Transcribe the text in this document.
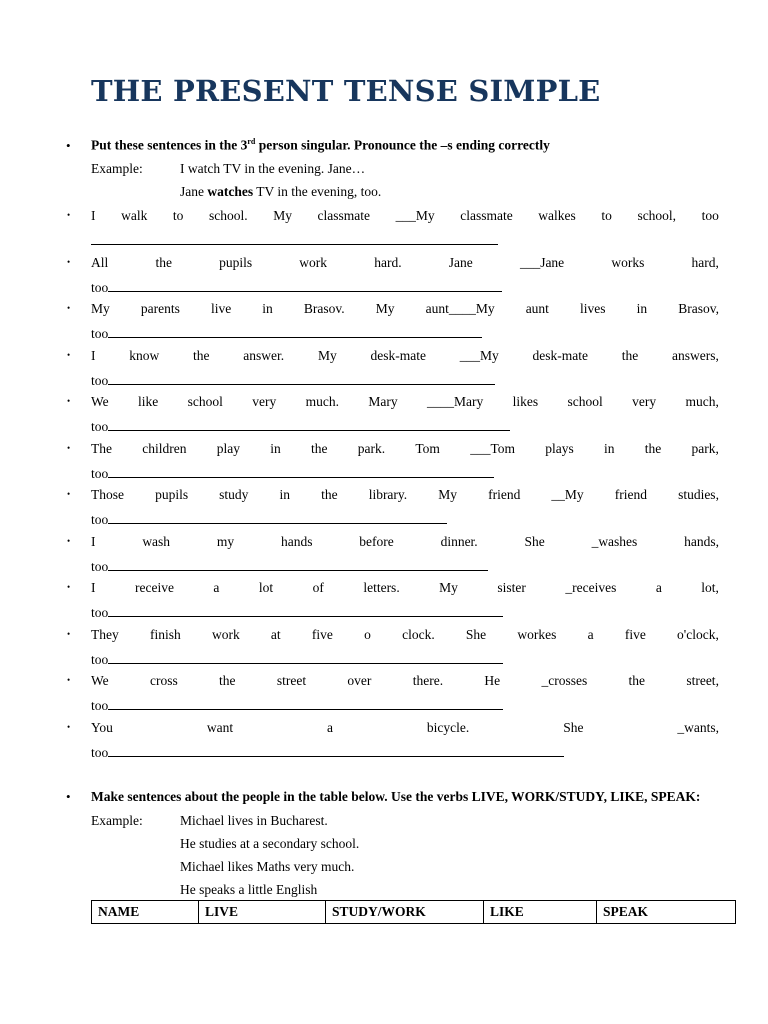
THE PRESENT TENSE SIMPLE
• Put these sentences in the 3rd person singular. Pronounce the –s ending correctly
Example:	I watch TV in the evening. Jane…
Jane watches TV in the evening, too.
• I walk to school. My classmate ___My classmate walkes to school, too
• All	the	pupils	work	hard.	Jane	___Jane	works	hard,
too
• My parents live in Brasov. My aunt____My aunt lives in Brasov,
too
• I	know	the	answer.	My	desk-mate	___My	desk-mate	the	answers,
too
• We like school very much. Mary ____Mary likes school very much,
too
• The children play in the park. Tom ___Tom plays in the park,
too
• Those pupils study in the library. My friend __My friend studies,
too
• I	wash	my	hands	before	dinner.	She	_washes	hands,
too
• I	receive	a	lot	of	letters.	My	sister	_receives	a	lot,
too
• They finish work at five o clock. She workes a five o'clock,
too
• We	cross	the	street	over	there.	He	_crosses	the	street,
too
• You	want	a	bicycle.	She	_wants,
too
• Make sentences about the people in the table below. Use the verbs LIVE, WORK/STUDY, LIKE, SPEAK:
Example:	Michael lives in Bucharest.
He studies at a secondary school.
Michael likes Maths very much.
He speaks a little English
NAME	LIVE	STUDY/WORK	LIKE	SPEAK
